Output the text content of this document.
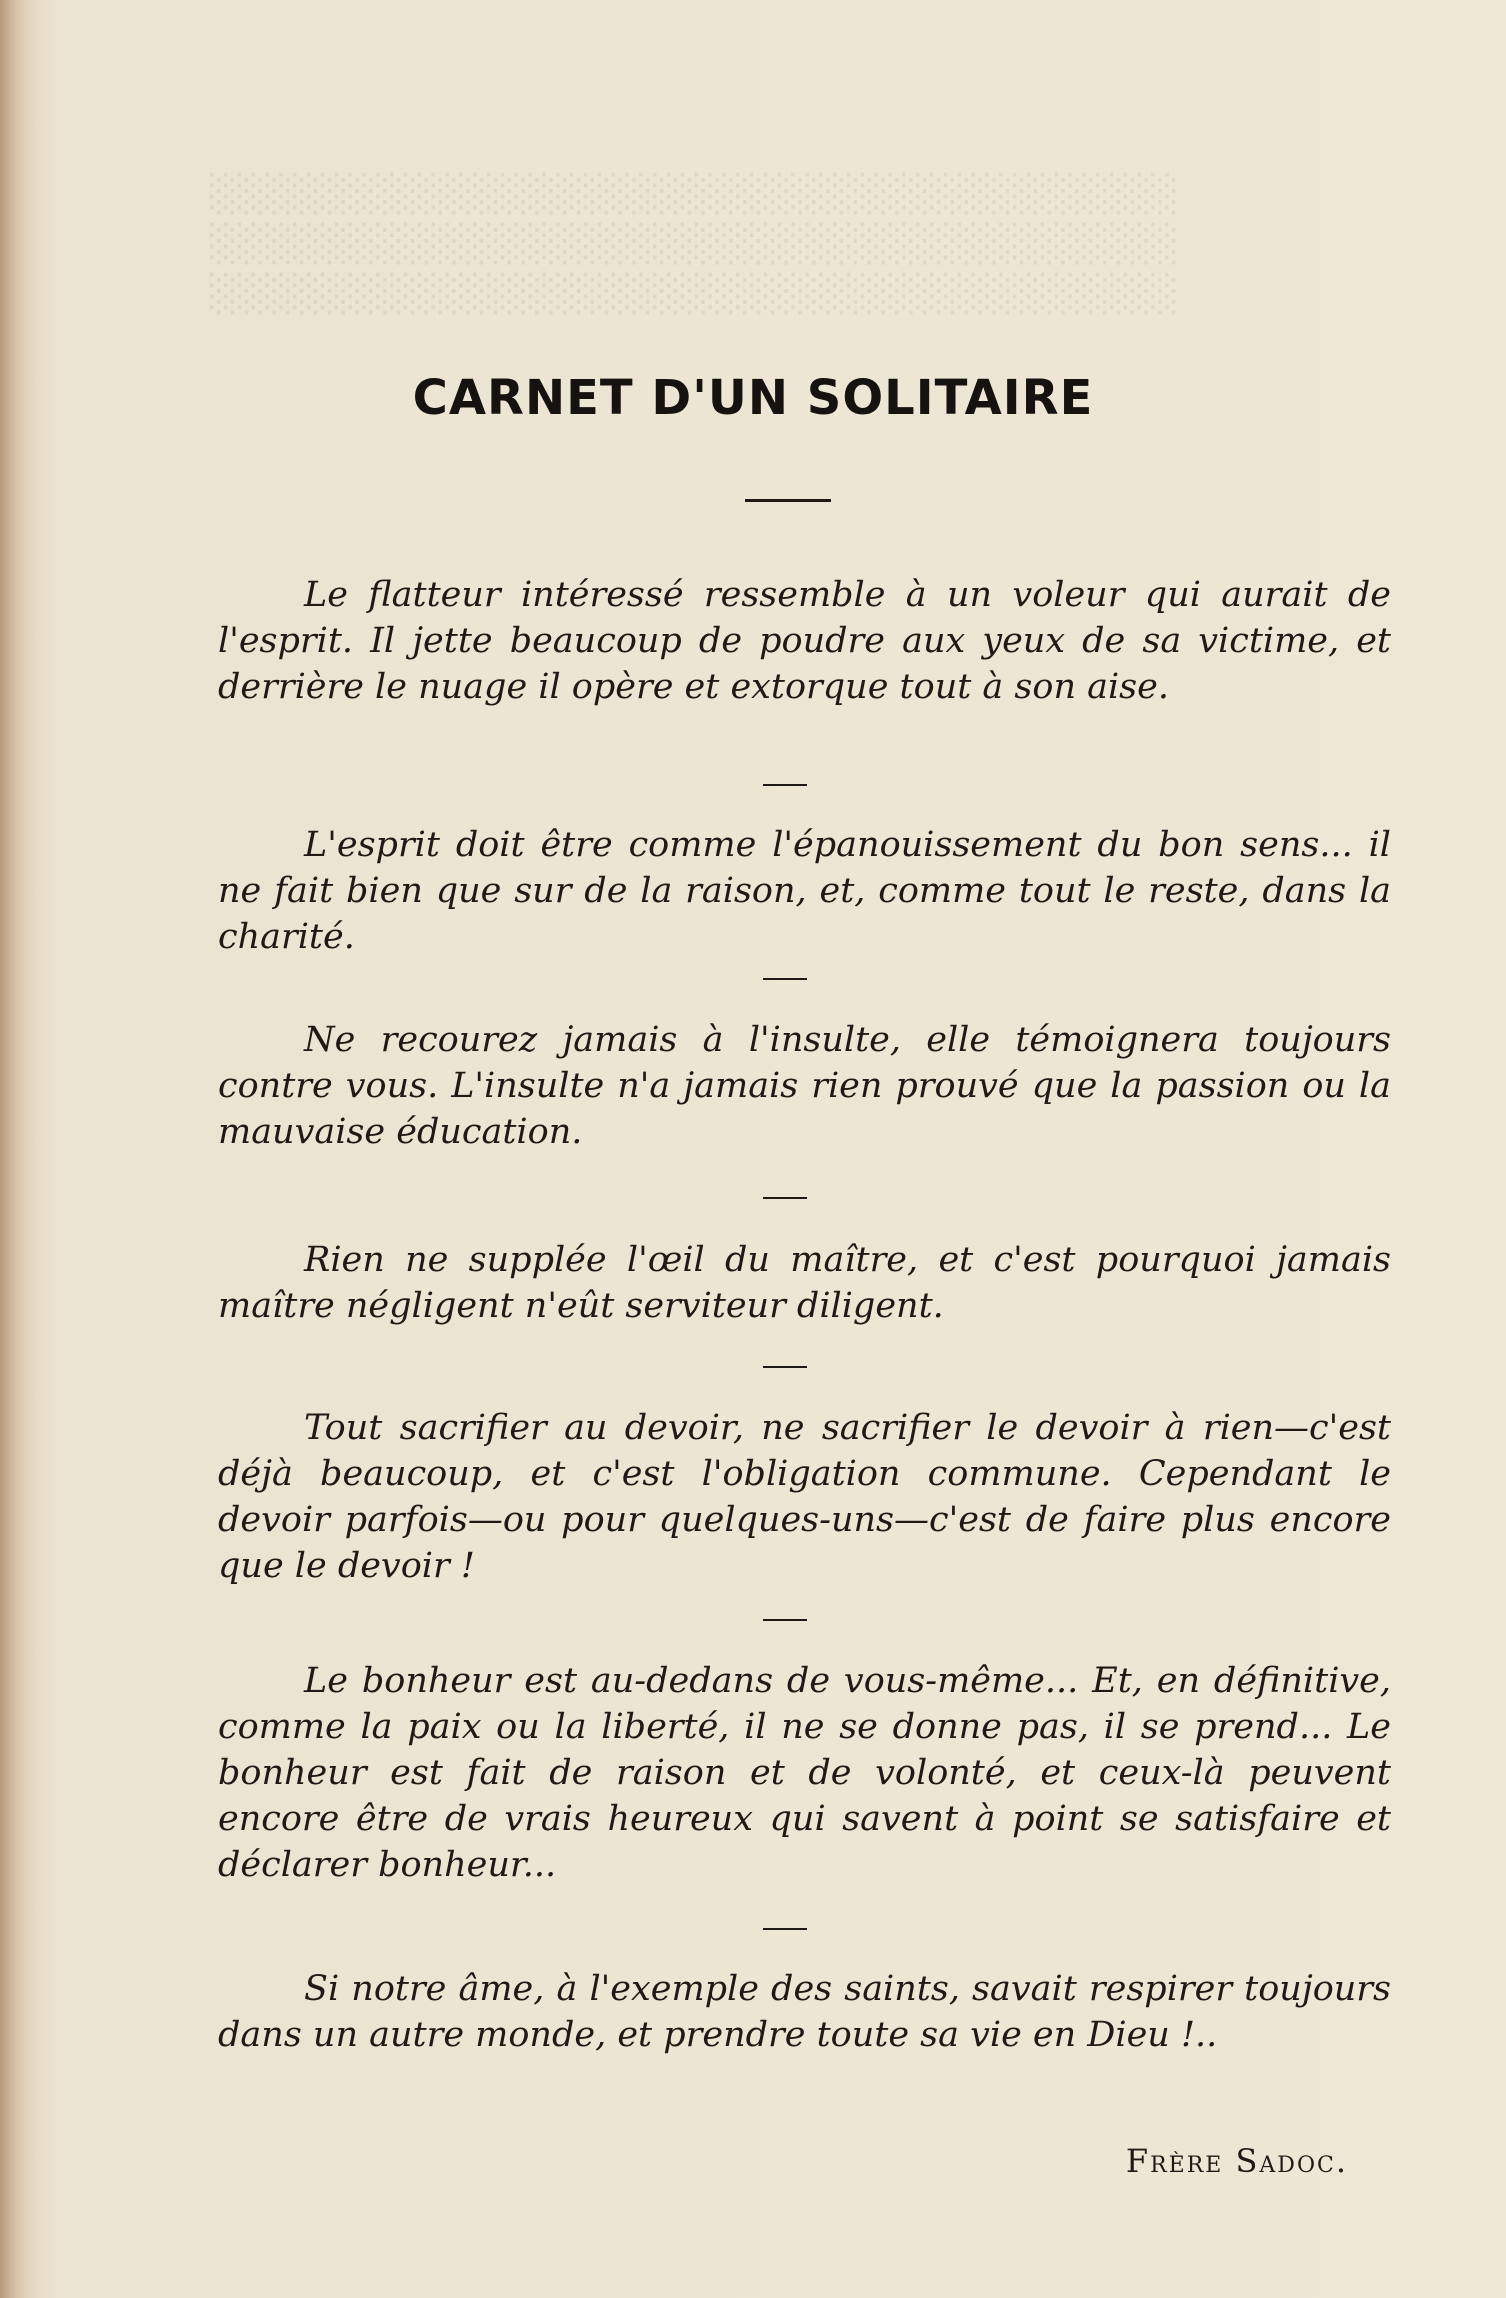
░░░░░░░░░░░░░░░░░░░░░░░░░░░░░░░░░░░
░░░░░░░░░░░░░░░░░░░░░░░░░░░░░░░░░░░
░░░░░░░░░░░░░░░░░░░░░░░░░░░░░░░░░░░
CARNET D'UN SOLITAIRE

Le flatteur intéressé ressemble à un voleur qui aurait de l'esprit. Il jette beaucoup de poudre aux yeux de sa victime, et derrière le nuage il opère et extorque tout à son aise.

L'esprit doit être comme l'épanouissement du bon sens... il ne fait bien que sur de la raison, et, comme tout le reste, dans la charité.

Ne recourez jamais à l'insulte, elle témoignera toujours contre vous. L'insulte n'a jamais rien prouvé que la passion ou la mauvaise éducation.

Rien ne supplée l'œil du maître, et c'est pourquoi jamais maître négligent n'eût serviteur diligent.

Tout sacrifier au devoir, ne sacrifier le devoir à rien—c'est déjà beaucoup, et c'est l'obligation commune. Cependant le devoir parfois—ou pour quelques-uns—c'est de faire plus encore que le devoir !

Le bonheur est au-dedans de vous-même... Et, en définitive, comme la paix ou la liberté, il ne se donne pas, il se prend... Le bonheur est fait de raison et de volonté, et ceux-là peuvent encore être de vrais heureux qui savent à point se satisfaire et déclarer bonheur...

Si notre âme, à l'exemple des saints, savait respirer toujours dans un autre monde, et prendre toute sa vie en Dieu !..

Frère Sadoc.
